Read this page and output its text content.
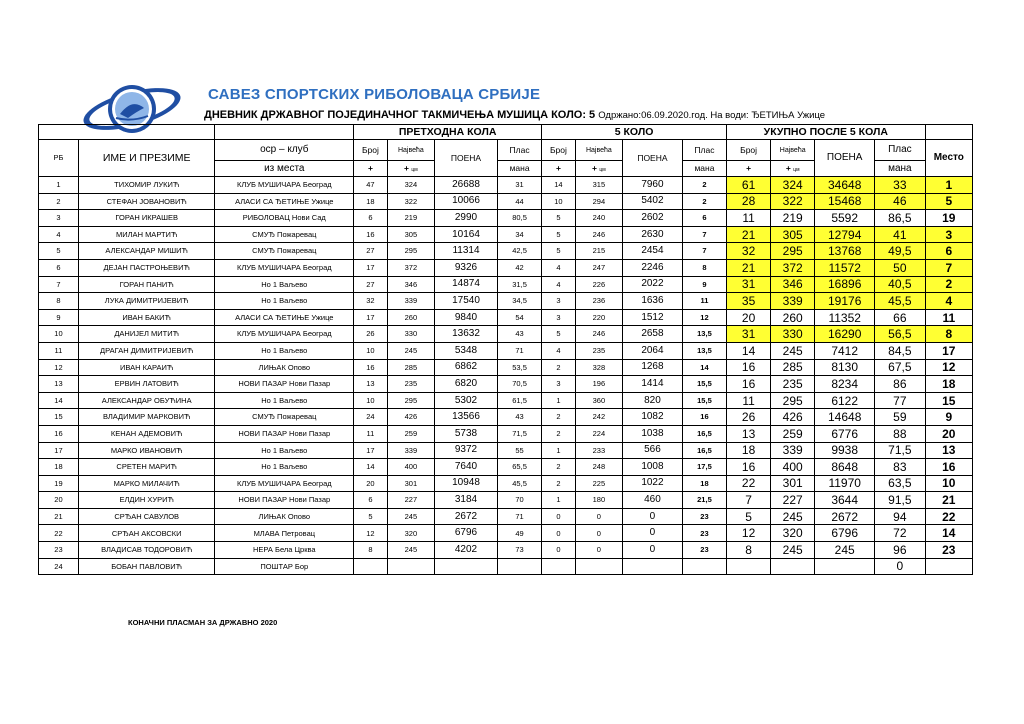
САВЕЗ СПОРТСКИХ РИБОЛОВАЦА СРБИЈЕ
ДНЕВНИК ДРЖАВНОГ ПОЈЕДИНАЧНОГ ТАКМИЧЕЊА МУШИЦА КОЛО: 5 Одржано:06.09.2020.год. На води: ЂЕТИЊА Ужице
			ПРЕТХОДНА КОЛА				5 КОЛО				УКУПНО ПОСЛЕ 5 КОЛА				
РБ	ИМЕ И ПРЕЗИМЕ	оср – клуб	Број	Највећа	ПОЕНА	Плас	Број	Највећа	ПОЕНА	Плас	Број	Највећа	ПОЕНА	Плас	Место
		из места	+	+ цм		мана	+	+ цм		мана	+	+ цм		мана	
1	ТИХОМИР ЛУКИЋ	КЛУБ МУШИЧАРА Београд	47	324	26688	31	14	315	7960	2	61	324	34648	33	1
2	СТЕФАН ЈОВАНОВИЋ	АЛАСИ СА ЂЕТИЊЕ Ужице	18	322	10066	44	10	294	5402	2	28	322	15468	46	5
3	ГОРАН ИКРАШЕВ	РИБОЛОВАЦ Нови Сад	6	219	2990	80,5	5	240	2602	6	11	219	5592	86,5	19
4	МИЛАН МАРТИЋ	СМУЂ Пожаревац	16	305	10164	34	5	246	2630	7	21	305	12794	41	3
5	АЛЕКСАНДАР МИШИЋ	СМУЂ Пожаревац	27	295	11314	42,5	5	215	2454	7	32	295	13768	49,5	6
6	ДЕЈАН ПАСТРОЊЕВИЋ	КЛУБ МУШИЧАРА Београд	17	372	9326	42	4	247	2246	8	21	372	11572	50	7
7	ГОРАН ПАНИЋ	Но 1 Ваљево	27	346	14874	31,5	4	226	2022	9	31	346	16896	40,5	2
8	ЛУКА ДИМИТРИЈЕВИЋ	Но 1 Ваљево	32	339	17540	34,5	3	236	1636	11	35	339	19176	45,5	4
9	ИВАН БАКИЋ	АЛАСИ СА ЂЕТИЊЕ Ужице	17	260	9840	54	3	220	1512	12	20	260	11352	66	11
10	ДАНИЈЕЛ МИТИЋ	КЛУБ МУШИЧАРА Београд	26	330	13632	43	5	246	2658	13,5	31	330	16290	56,5	8
11	ДРАГАН ДИМИТРИЈЕВИЋ	Но 1 Ваљево	10	245	5348	71	4	235	2064	13,5	14	245	7412	84,5	17
12	ИВАН КАРАИЋ	ЛИЊАК Опово	16	285	6862	53,5	2	328	1268	14	16	285	8130	67,5	12
13	ЕРВИН ЛАТОВИЋ	НОВИ ПАЗАР Нови Пазар	13	235	6820	70,5	3	196	1414	15,5	16	235	8234	86	18
14	АЛЕКСАНДАР ОБУЋИНА	Но 1 Ваљево	10	295	5302	61,5	1	360	820	15,5	11	295	6122	77	15
15	ВЛАДИМИР МАРКОВИЋ	СМУЂ Пожаревац	24	426	13566	43	2	242	1082	16	26	426	14648	59	9
16	КЕНАН АДЕМОВИЋ	НОВИ ПАЗАР Нови Пазар	11	259	5738	71,5	2	224	1038	16,5	13	259	6776	88	20
17	МАРКО ИВАНОВИЋ	Но 1 Ваљево	17	339	9372	55	1	233	566	16,5	18	339	9938	71,5	13
18	СРЕТЕН МАРИЋ	Но 1 Ваљево	14	400	7640	65,5	2	248	1008	17,5	16	400	8648	83	16
19	МАРКО МИЛАЧИЋ	КЛУБ МУШИЧАРА Београд	20	301	10948	45,5	2	225	1022	18	22	301	11970	63,5	10
20	ЕЛДИН ХУРИЋ	НОВИ ПАЗАР Нови Пазар	6	227	3184	70	1	180	460	21,5	7	227	3644	91,5	21
21	СРЂАН САВУЛОВ	ЛИЊАК Опово	5	245	2672	71	0	0	0	23	5	245	2672	94	22
22	СРЂАН АКСОВСКИ	МЛАВА Петровац	12	320	6796	49	0	0	0	23	12	320	6796	72	14
23	ВЛАДИСАВ ТОДОРОВИЋ	НЕРА Бела Црква	8	245	4202	73	0	0	0	23	8	245	245	96	23
24	БОБАН ПАВЛОВИЋ	ПОШТАР Бор												0	
КОНАЧНИ ПЛАСМАН ЗА ДРЖАВНО 2020
